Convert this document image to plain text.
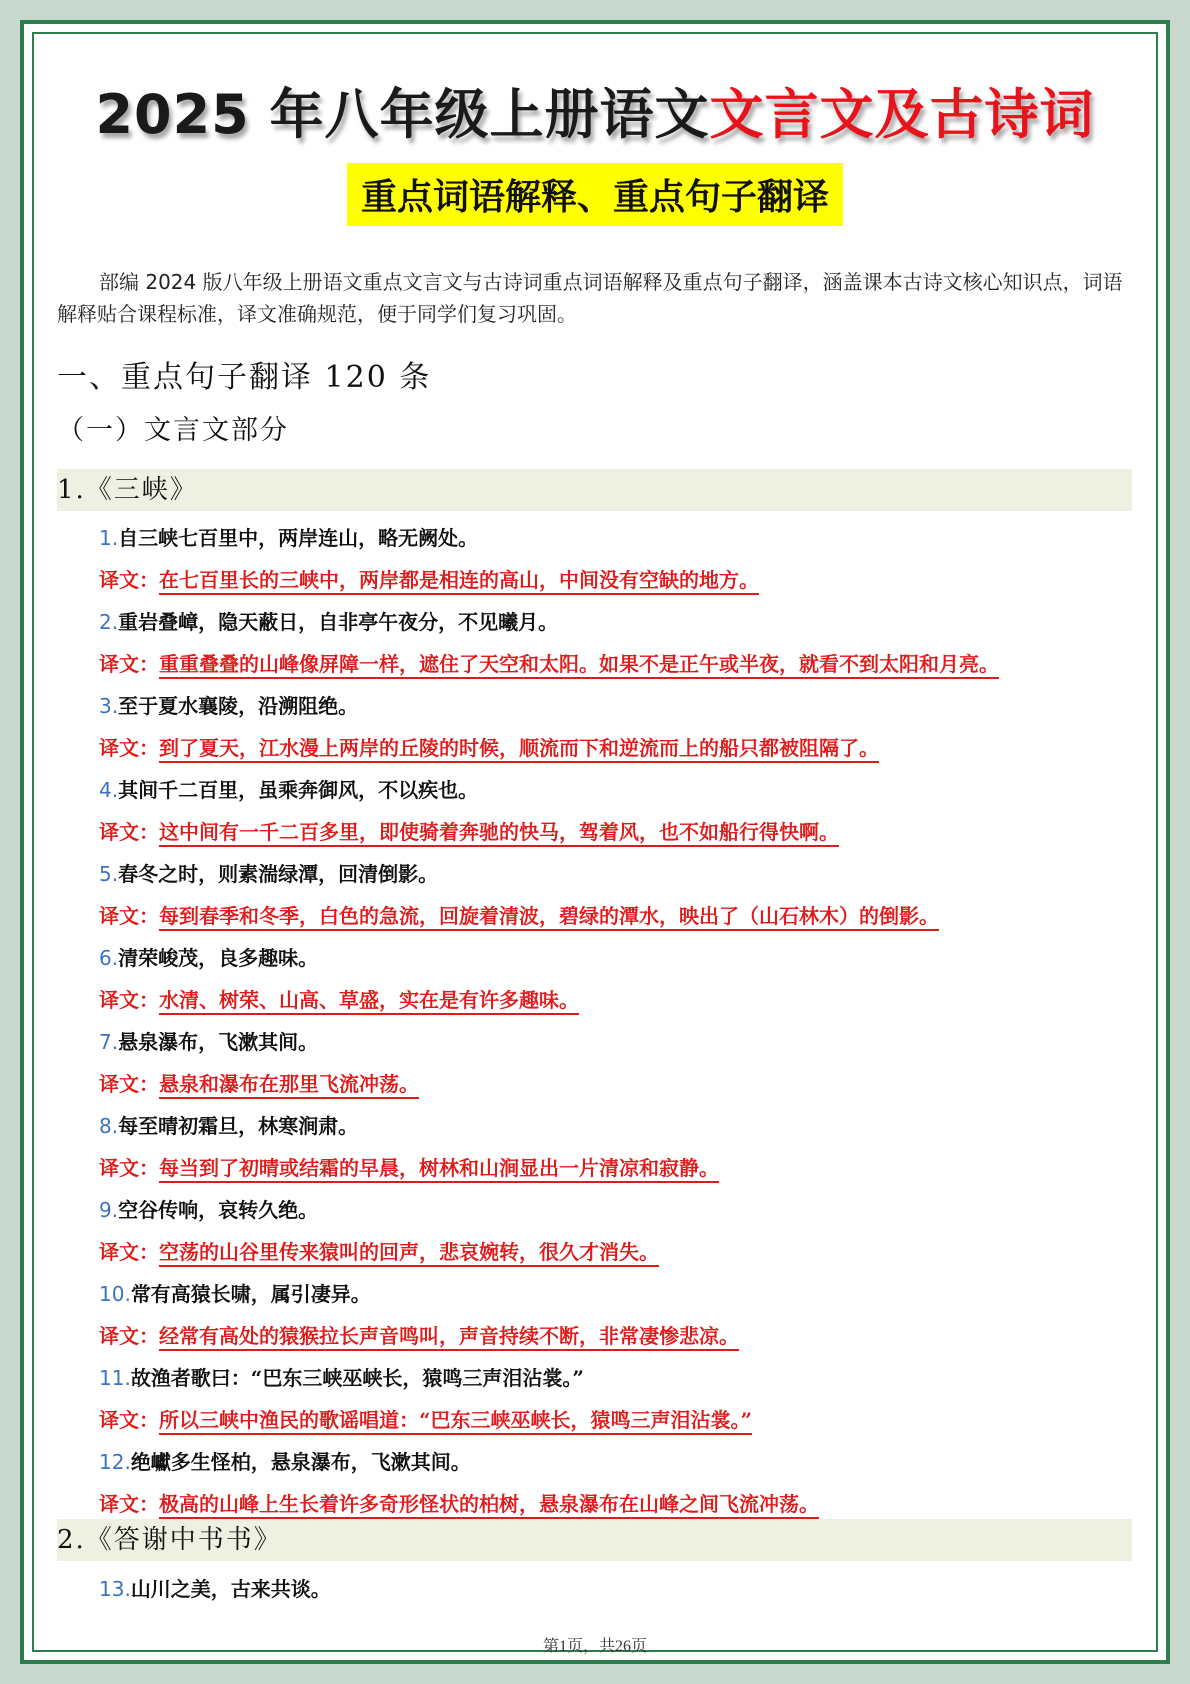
2025 年八年级上册语文文言文及古诗词
重点词语解释、重点句子翻译
部编 2024 版八年级上册语文重点文言文与古诗词重点词语解释及重点句子翻译，涵盖课本古诗文核心知识点，词语解释贴合课程标准，译文准确规范，便于同学们复习巩固。
一、重点句子翻译 120 条
（一）文言文部分
1.《三峡》
1.自三峡七百里中，两岸连山，略无阙处。
译文：在七百里长的三峡中，两岸都是相连的高山，中间没有空缺的地方。
2.重岩叠嶂，隐天蔽日，自非亭午夜分，不见曦月。
译文：重重叠叠的山峰像屏障一样，遮住了天空和太阳。如果不是正午或半夜，就看不到太阳和月亮。
3.至于夏水襄陵，沿溯阻绝。
译文：到了夏天，江水漫上两岸的丘陵的时候，顺流而下和逆流而上的船只都被阻隔了。
4.其间千二百里，虽乘奔御风，不以疾也。
译文：这中间有一千二百多里，即使骑着奔驰的快马，驾着风，也不如船行得快啊。
5.春冬之时，则素湍绿潭，回清倒影。
译文：每到春季和冬季，白色的急流，回旋着清波，碧绿的潭水，映出了（山石林木）的倒影。
6.清荣峻茂，良多趣味。
译文：水清、树荣、山高、草盛，实在是有许多趣味。
7.悬泉瀑布，飞漱其间。
译文：悬泉和瀑布在那里飞流冲荡。
8.每至晴初霜旦，林寒涧肃。
译文：每当到了初晴或结霜的早晨，树林和山涧显出一片清凉和寂静。
9.空谷传响，哀转久绝。
译文：空荡的山谷里传来猿叫的回声，悲哀婉转，很久才消失。
10.常有高猿长啸，属引凄异。
译文：经常有高处的猿猴拉长声音鸣叫，声音持续不断，非常凄惨悲凉。
11.故渔者歌曰：“巴东三峡巫峡长，猿鸣三声泪沾裳。”
译文：所以三峡中渔民的歌谣唱道：“巴东三峡巫峡长，猿鸣三声泪沾裳。”
12.绝巘多生怪柏，悬泉瀑布，飞漱其间。
译文：极高的山峰上生长着许多奇形怪状的柏树，悬泉瀑布在山峰之间飞流冲荡。
2.《答谢中书书》
13.山川之美，古来共谈。
第1页，共26页
